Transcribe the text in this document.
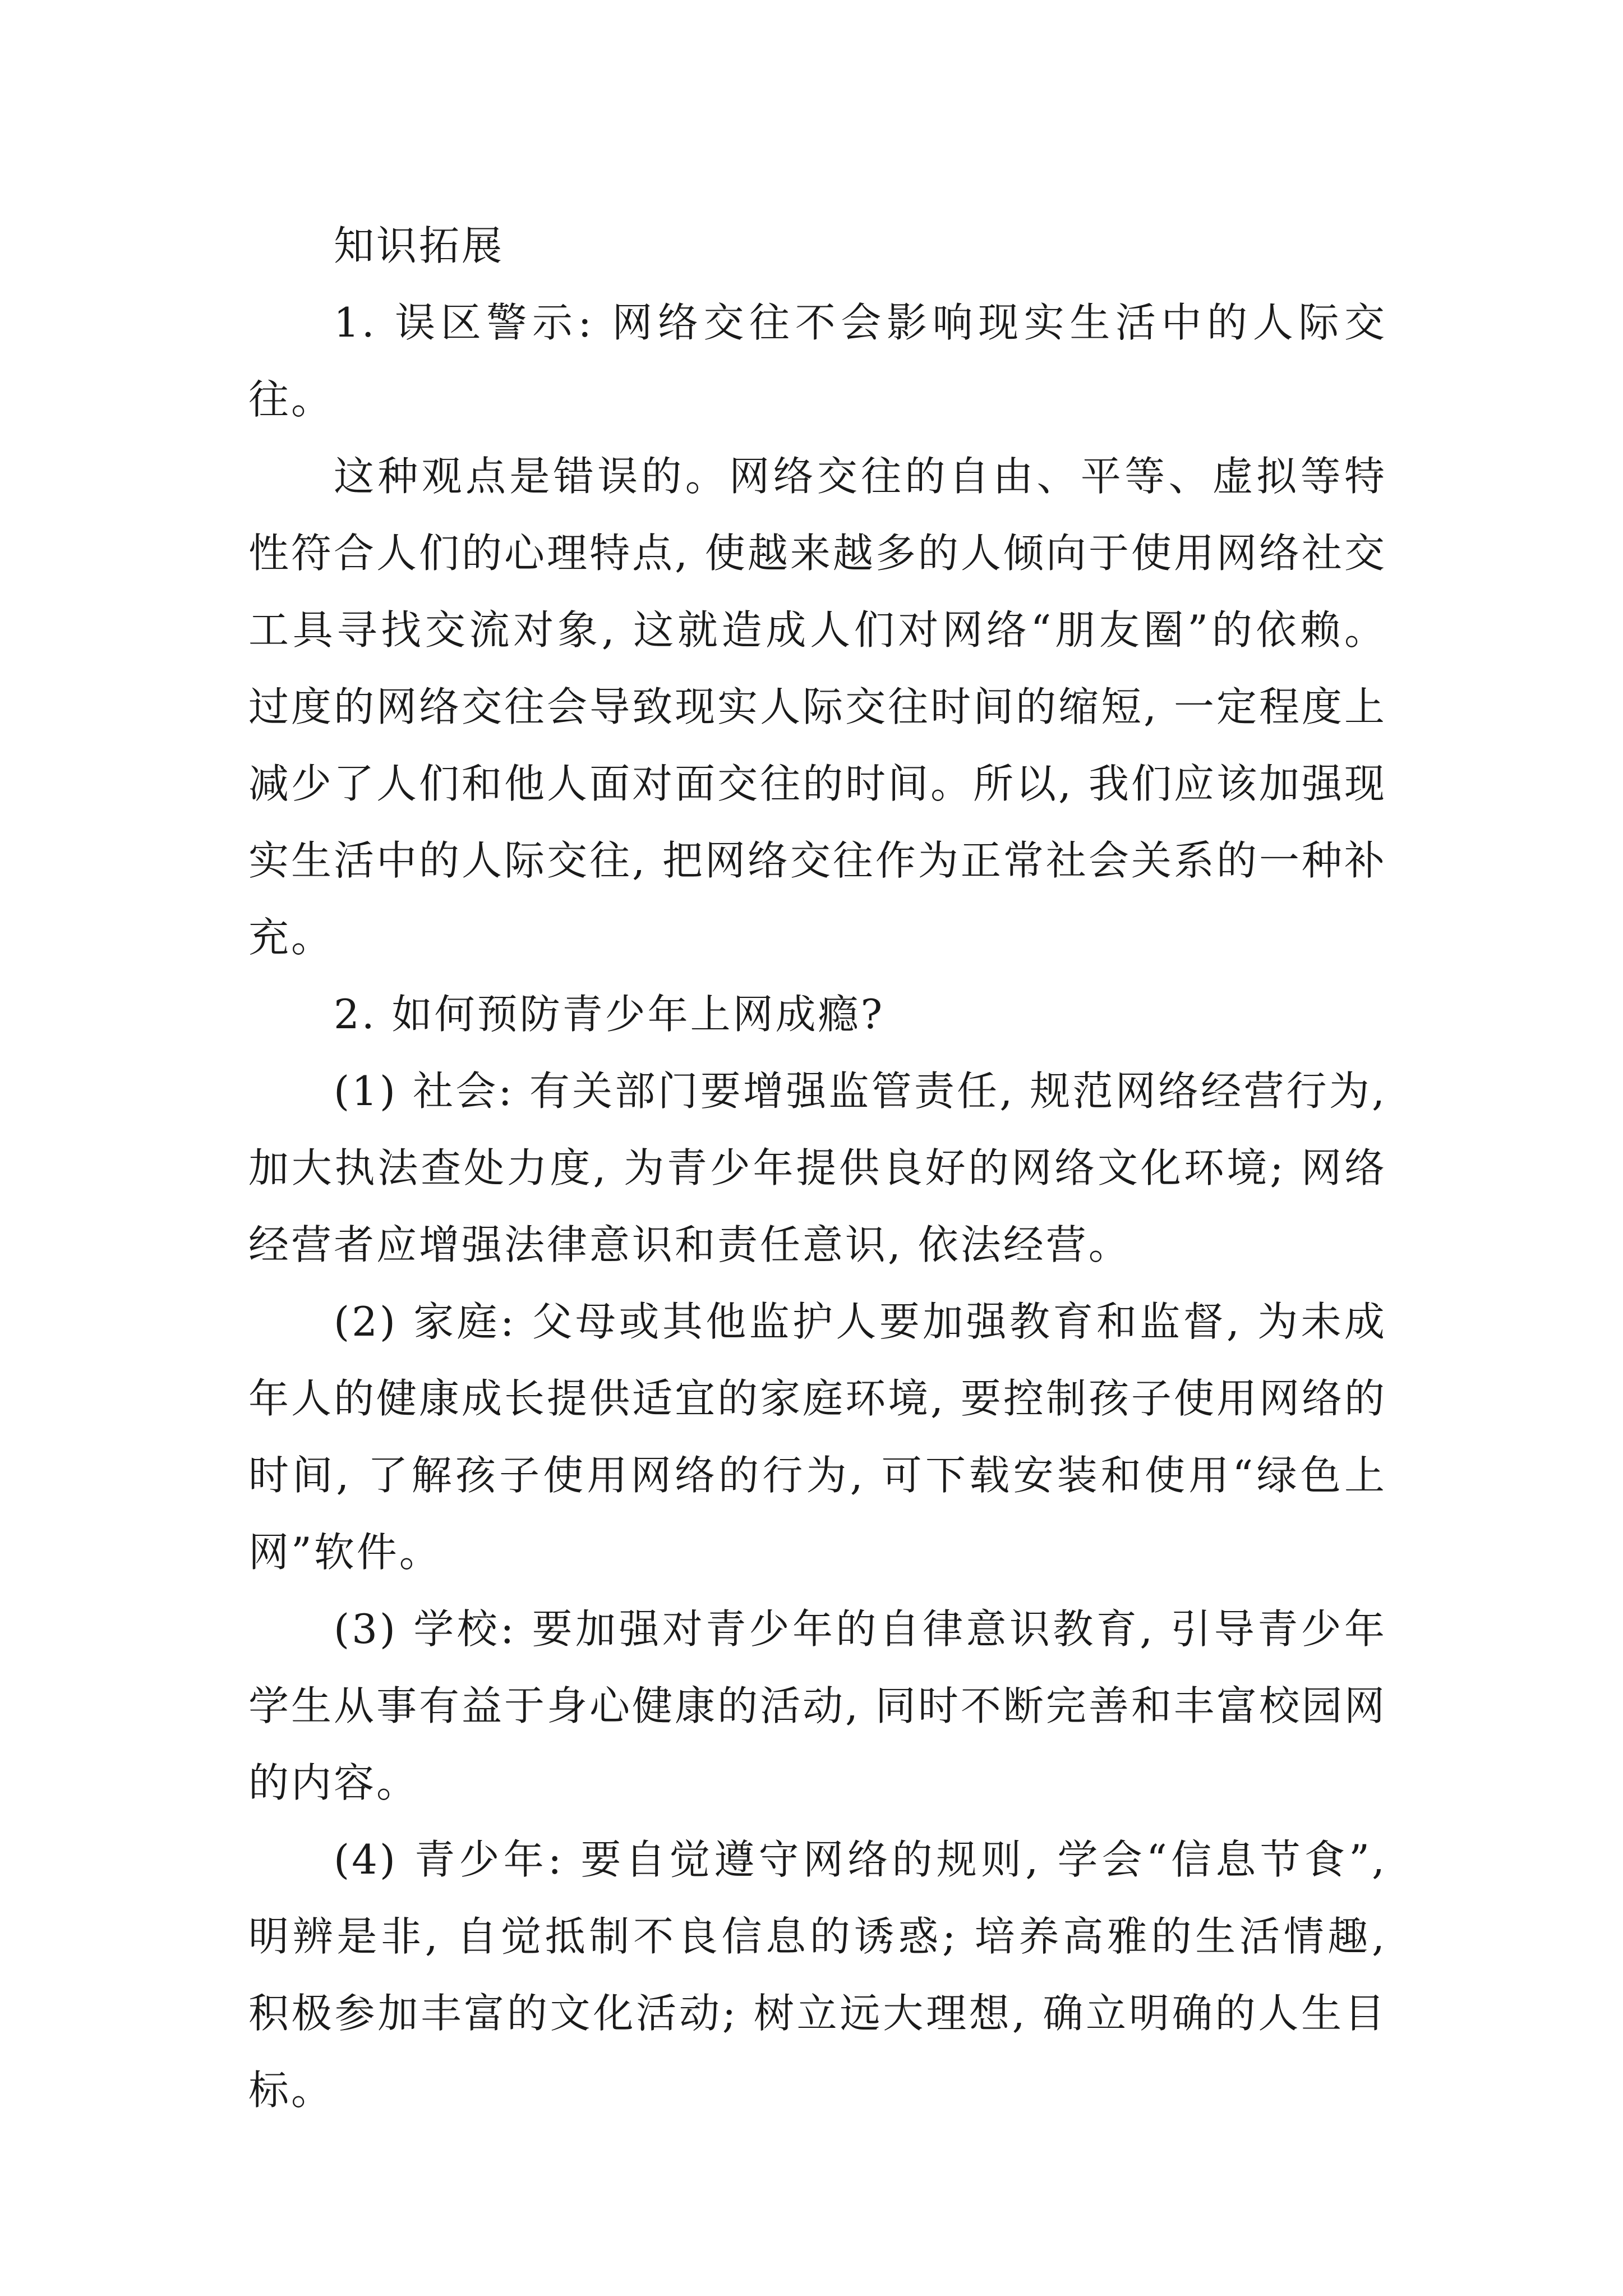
知识拓展

1. 误区警示: 网络交往不会影响现实生活中的人际交往。

这种观点是错误的。网络交往的自由、平等、虚拟等特性符合人们的心理特点, 使越来越多的人倾向于使用网络社交工具寻找交流对象, 这就造成人们对网络“朋友圈”的依赖。过度的网络交往会导致现实人际交往时间的缩短, 一定程度上减少了人们和他人面对面交往的时间。所以, 我们应该加强现实生活中的人际交往, 把网络交往作为正常社会关系的一种补充。

2. 如何预防青少年上网成瘾?

(1) 社会: 有关部门要增强监管责任, 规范网络经营行为, 加大执法查处力度, 为青少年提供良好的网络文化环境; 网络经营者应增强法律意识和责任意识, 依法经营。

(2) 家庭: 父母或其他监护人要加强教育和监督, 为未成年人的健康成长提供适宜的家庭环境, 要控制孩子使用网络的时间, 了解孩子使用网络的行为, 可下载安装和使用“绿色上网”软件。

(3) 学校: 要加强对青少年的自律意识教育, 引导青少年学生从事有益于身心健康的活动, 同时不断完善和丰富校园网的内容。

(4) 青少年: 要自觉遵守网络的规则, 学会“信息节食”, 明辨是非, 自觉抵制不良信息的诱惑; 培养高雅的生活情趣, 积极参加丰富的文化活动; 树立远大理想, 确立明确的人生目标。
